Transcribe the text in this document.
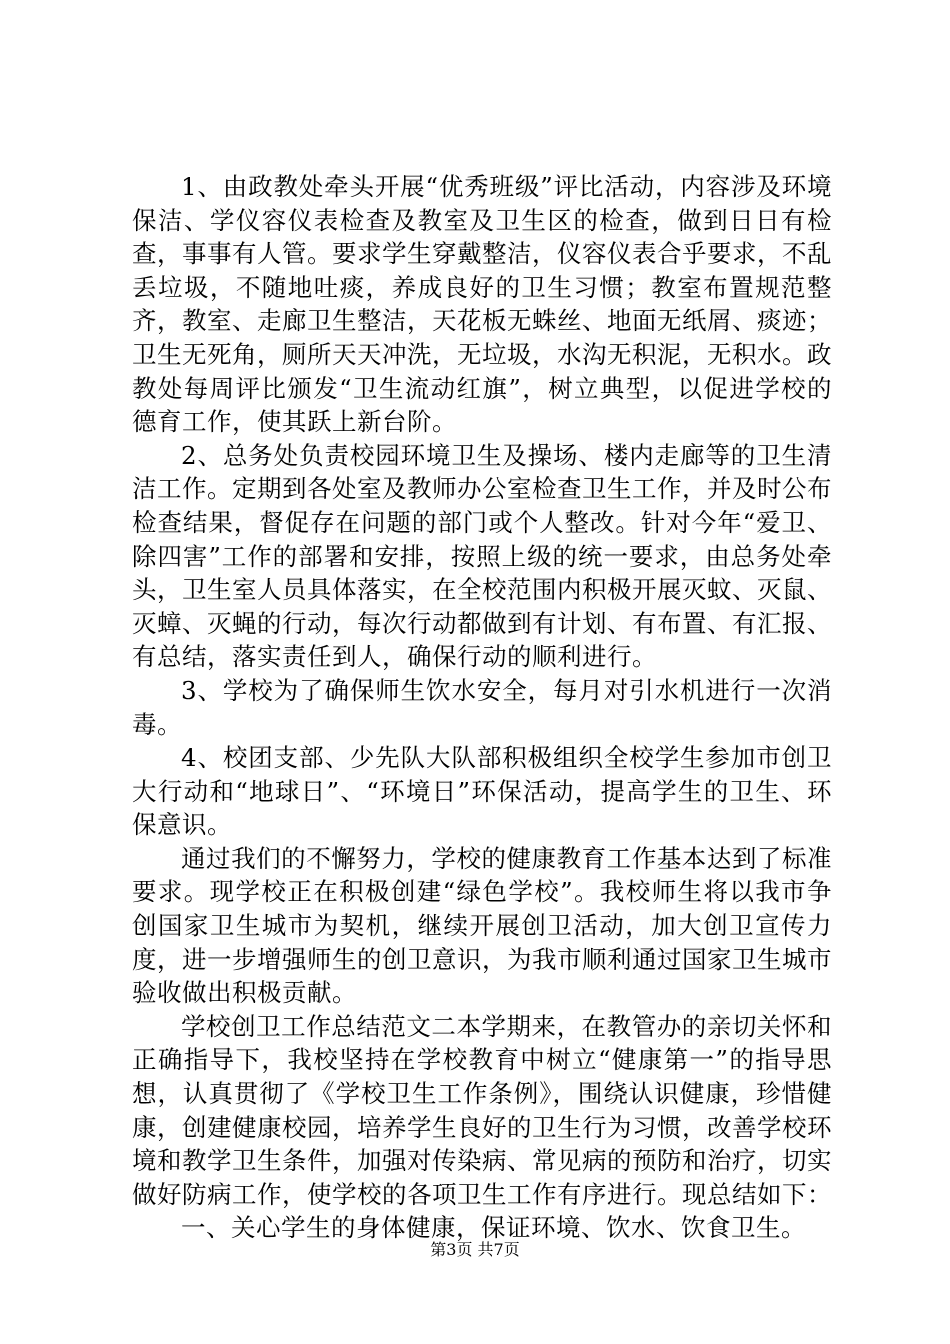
1、由政教处牵头开展“优秀班级”评比活动，内容涉及环境保洁、学仪容仪表检查及教室及卫生区的检查，做到日日有检查，事事有人管。要求学生穿戴整洁，仪容仪表合乎要求，不乱丢垃圾，不随地吐痰，养成良好的卫生习惯；教室布置规范整齐，教室、走廊卫生整洁，天花板无蛛丝、地面无纸屑、痰迹；卫生无死角，厕所天天冲洗，无垃圾，水沟无积泥，无积水。政教处每周评比颁发“卫生流动红旗”，树立典型，以促进学校的德育工作，使其跃上新台阶。

2、总务处负责校园环境卫生及操场、楼内走廊等的卫生清洁工作。定期到各处室及教师办公室检查卫生工作，并及时公布检查结果，督促存在问题的部门或个人整改。针对今年“爱卫、除四害”工作的部署和安排，按照上级的统一要求，由总务处牵头，卫生室人员具体落实，在全校范围内积极开展灭蚊、灭鼠、灭蟑、灭蝇的行动，每次行动都做到有计划、有布置、有汇报、有总结，落实责任到人，确保行动的顺利进行。

3、学校为了确保师生饮水安全，每月对引水机进行一次消毒。

4、校团支部、少先队大队部积极组织全校学生参加市创卫大行动和“地球日”、“环境日”环保活动，提高学生的卫生、环保意识。

通过我们的不懈努力，学校的健康教育工作基本达到了标准要求。现学校正在积极创建“绿色学校”。我校师生将以我市争创国家卫生城市为契机，继续开展创卫活动，加大创卫宣传力度，进一步增强师生的创卫意识，为我市顺利通过国家卫生城市验收做出积极贡献。

学校创卫工作总结范文二本学期来，在教管办的亲切关怀和正确指导下，我校坚持在学校教育中树立“健康第一”的指导思想，认真贯彻了《学校卫生工作条例》，围绕认识健康，珍惜健康，创建健康校园，培养学生良好的卫生行为习惯，改善学校环境和教学卫生条件，加强对传染病、常见病的预防和治疗，切实做好防病工作，使学校的各项卫生工作有序进行。现总结如下：

一、关心学生的身体健康，保证环境、饮水、饮食卫生。

第3页 共7页
